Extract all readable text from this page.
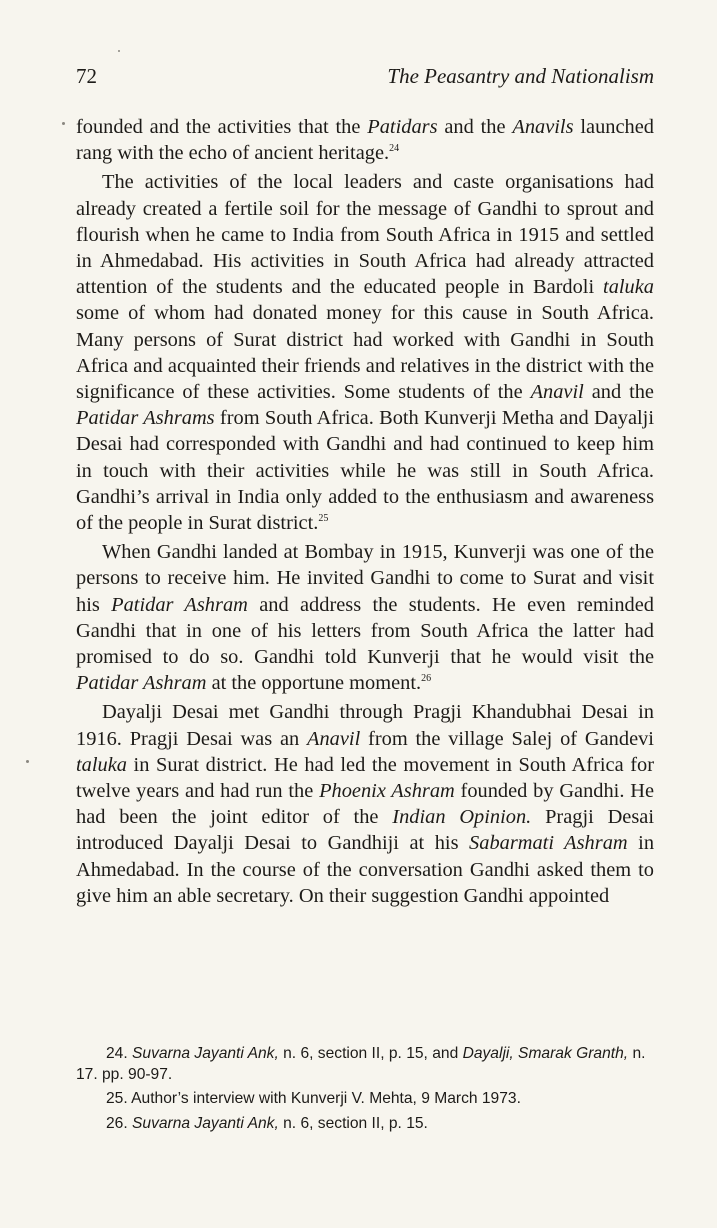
72	The Peasantry and Nationalism

founded and the activities that the Patidars and the Anavils launched rang with the echo of ancient heritage.$^{24}$

The activities of the local leaders and caste organisations had already created a fertile soil for the message of Gandhi to sprout and flourish when he came to India from South Africa in 1915 and settled in Ahmedabad. His activities in South Africa had already attracted attention of the students and the educated people in Bardoli taluka some of whom had donated money for this cause in South Africa. Many persons of Surat district had worked with Gandhi in South Africa and acquainted their friends and relatives in the district with the significance of these activities. Some students of the Anavil and the Patidar Ashrams from South Africa. Both Kunverji Metha and Dayalji Desai had corresponded with Gandhi and had continued to keep him in touch with their activities while he was still in South Africa. Gandhi’s arrival in India only added to the enthusiasm and awareness of the people in Surat district.$^{25}$

When Gandhi landed at Bombay in 1915, Kunverji was one of the persons to receive him. He invited Gandhi to come to Surat and visit his Patidar Ashram and address the students. He even reminded Gandhi that in one of his letters from South Africa the latter had promised to do so. Gandhi told Kunverji that he would visit the Patidar Ashram at the opportune moment.$^{26}$

Dayalji Desai met Gandhi through Pragji Khandubhai Desai in 1916. Pragji Desai was an Anavil from the village Salej of Gandevi taluka in Surat district. He had led the movement in South Africa for twelve years and had run the Phoenix Ashram founded by Gandhi. He had been the joint editor of the Indian Opinion. Pragji Desai introduced Dayalji Desai to Gandhiji at his Sabarmati Ashram in Ahmedabad. In the course of the conversation Gandhi asked them to give him an able secretary. On their suggestion Gandhi appointed

24. Suvarna Jayanti Ank, n. 6, section II, p. 15, and Dayalji, Smarak Granth, n. 17. pp. 90-97.

25. Author’s interview with Kunverji V. Mehta, 9 March 1973.

26. Suvarna Jayanti Ank, n. 6, section II, p. 15.
